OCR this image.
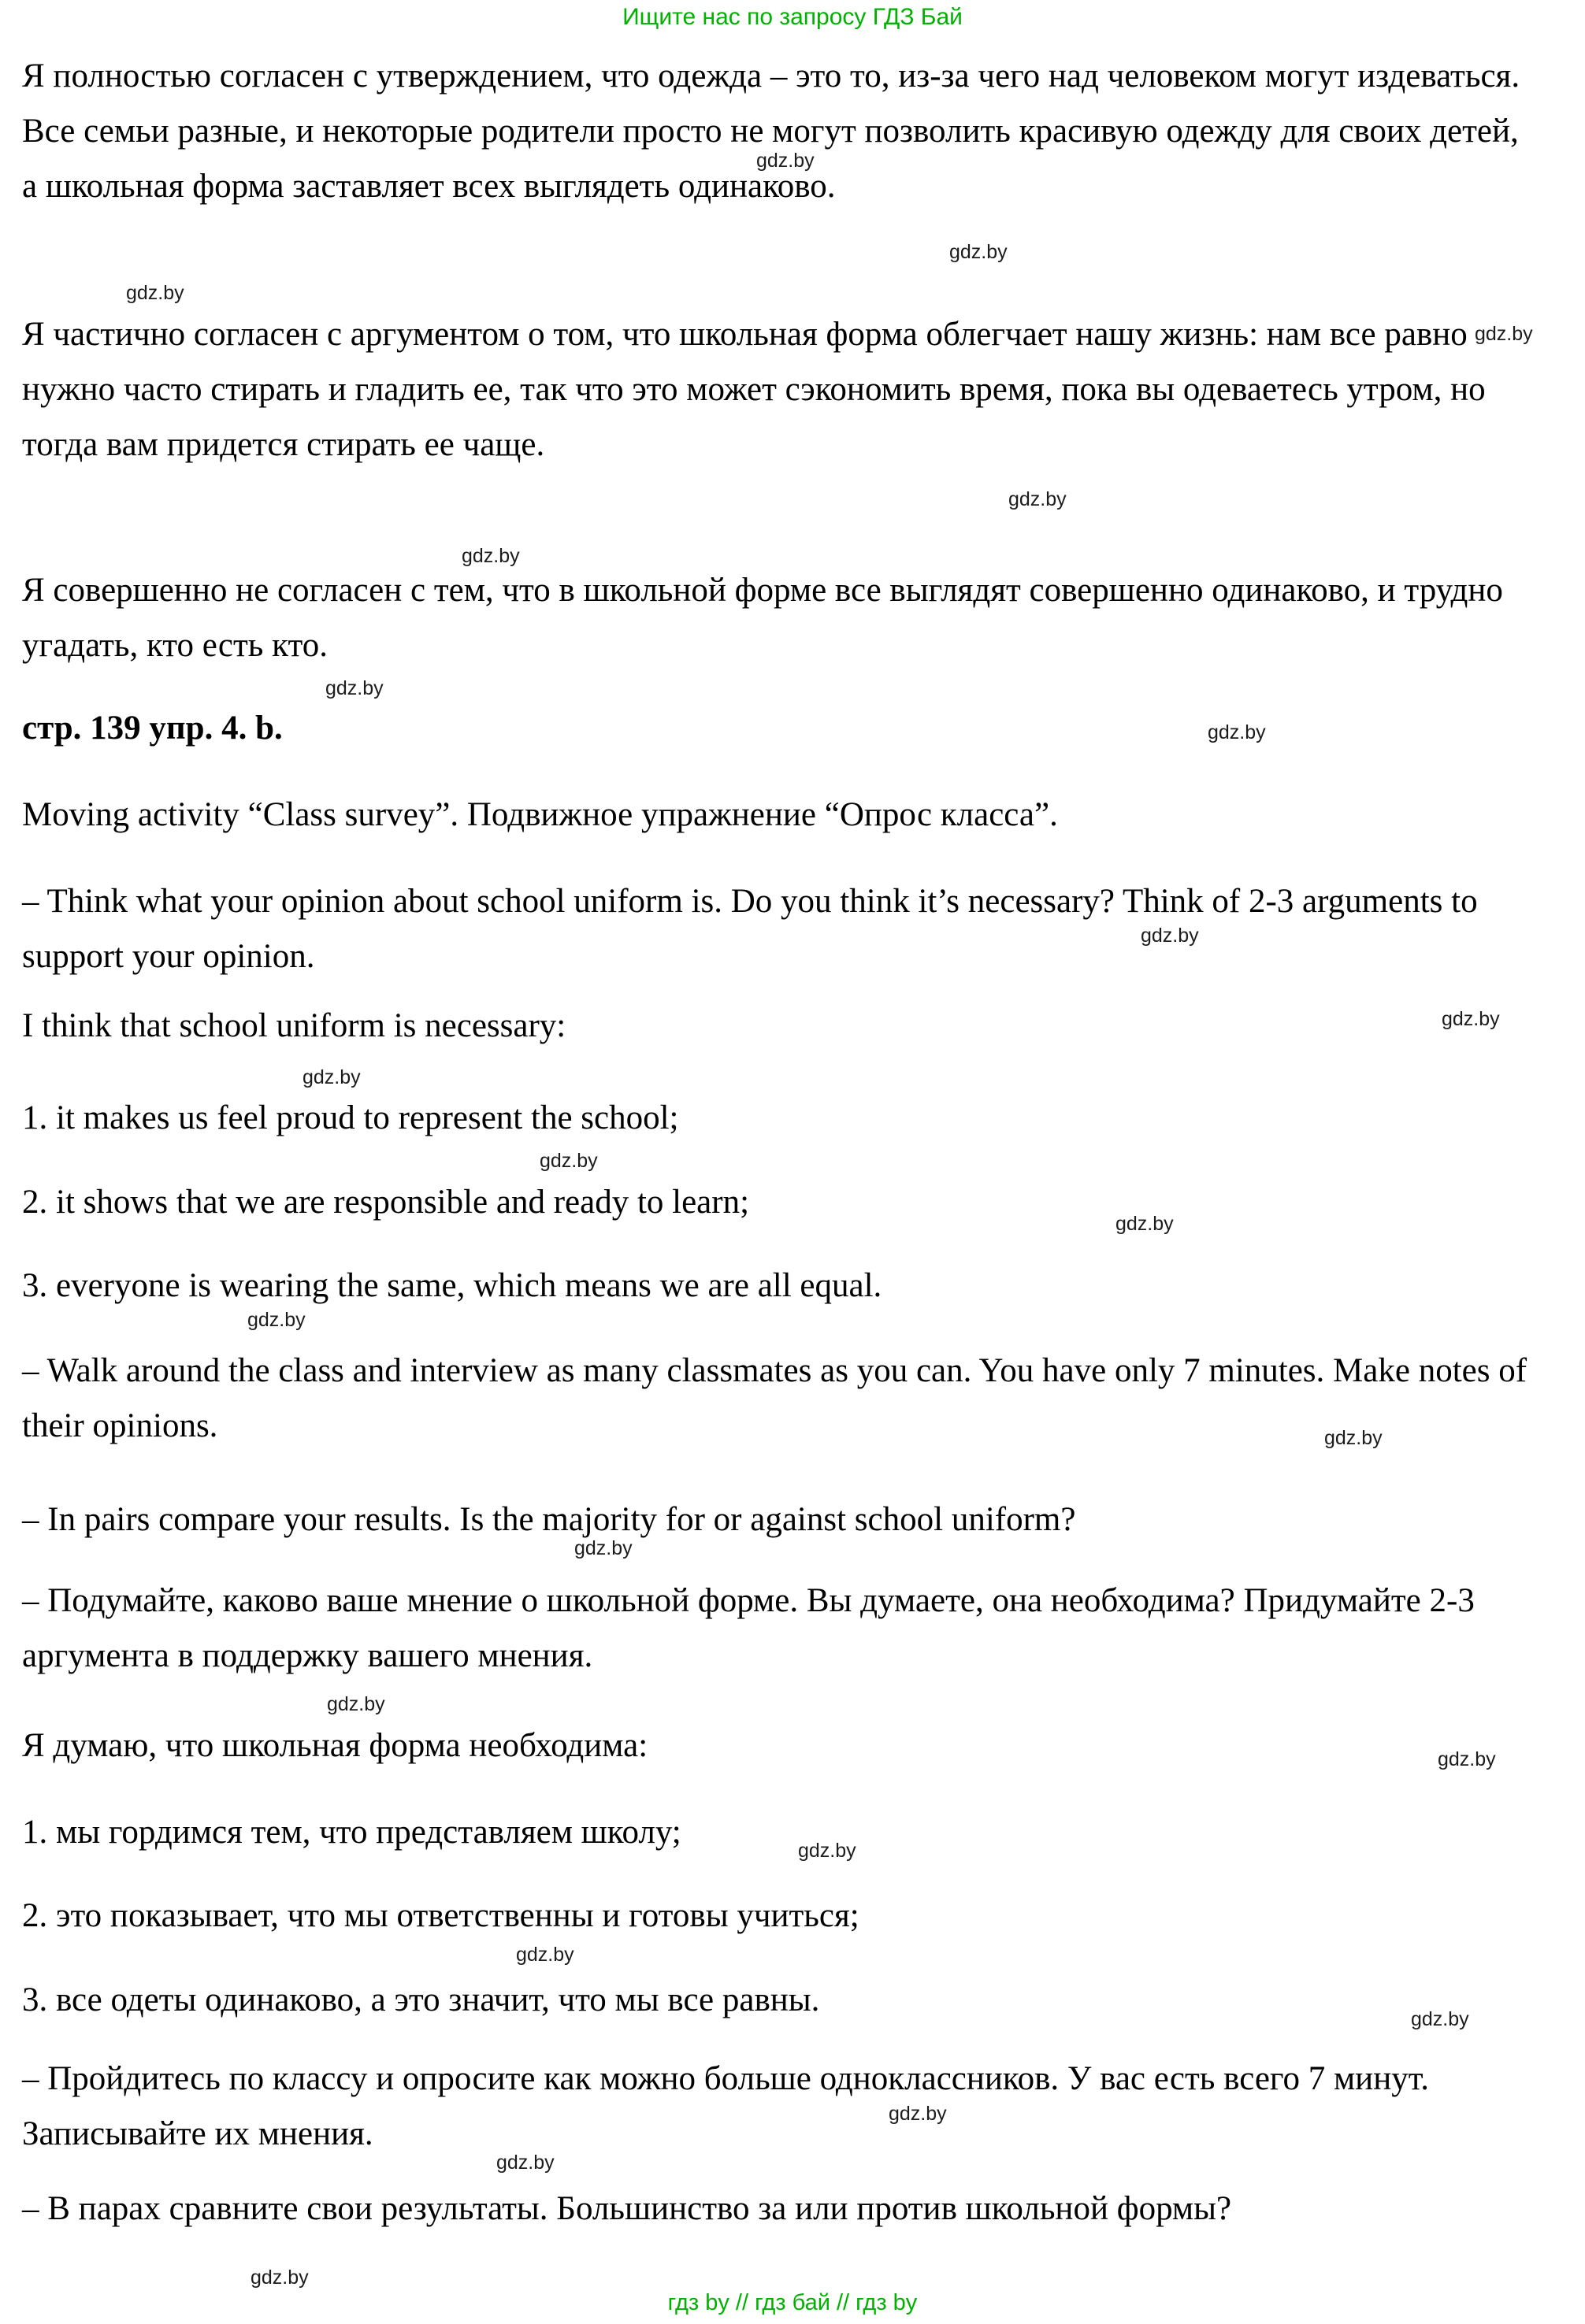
Ищите нас по запросу ГДЗ Бай
Я полностью согласен с утверждением, что одежда – это то, из-за чего над человеком могут издеваться. Все семьи разные, и некоторые родители просто не могут позволить красивую одежду для своих детей, а школьная форма заставляет всех выглядеть одинаково.
Я частично согласен с аргументом о том, что школьная форма облегчает нашу жизнь: нам все равно нужно часто стирать и гладить ее, так что это может сэкономить время, пока вы одеваетесь утром, но тогда вам придется стирать ее чаще.
Я совершенно не согласен с тем, что в школьной форме все выглядят совершенно одинаково, и трудно угадать, кто есть кто.
стр. 139 упр. 4. b.
Moving activity “Class survey”. Подвижное упражнение “Опрос класса”.
– Think what your opinion about school uniform is. Do you think it’s necessary? Think of 2-3 arguments to support your opinion.
I think that school uniform is necessary:
1. it makes us feel proud to represent the school;
2. it shows that we are responsible and ready to learn;
3. everyone is wearing the same, which means we are all equal.
– Walk around the class and interview as many classmates as you can. You have only 7 minutes. Make notes of their opinions.
– In pairs compare your results. Is the majority for or against school uniform?
– Подумайте, каково ваше мнение о школьной форме. Вы думаете, она необходима? Придумайте 2-3 аргумента в поддержку вашего мнения.
Я думаю, что школьная форма необходима:
1. мы гордимся тем, что представляем школу;
2. это показывает, что мы ответственны и готовы учиться;
3. все одеты одинаково, а это значит, что мы все равны.
– Пройдитесь по классу и опросите как можно больше одноклассников. У вас есть всего 7 минут. Записывайте их мнения.
– В парах сравните свои результаты. Большинство за или против школьной формы?
гдз by // гдз бай // гдз by
gdz.by
gdz.by
gdz.by
gdz.by
gdz.by
gdz.by
gdz.by
gdz.by
gdz.by
gdz.by
gdz.by
gdz.by
gdz.by
gdz.by
gdz.by
gdz.by
gdz.by
gdz.by
gdz.by
gdz.by
gdz.by
gdz.by
gdz.by
gdz.by
